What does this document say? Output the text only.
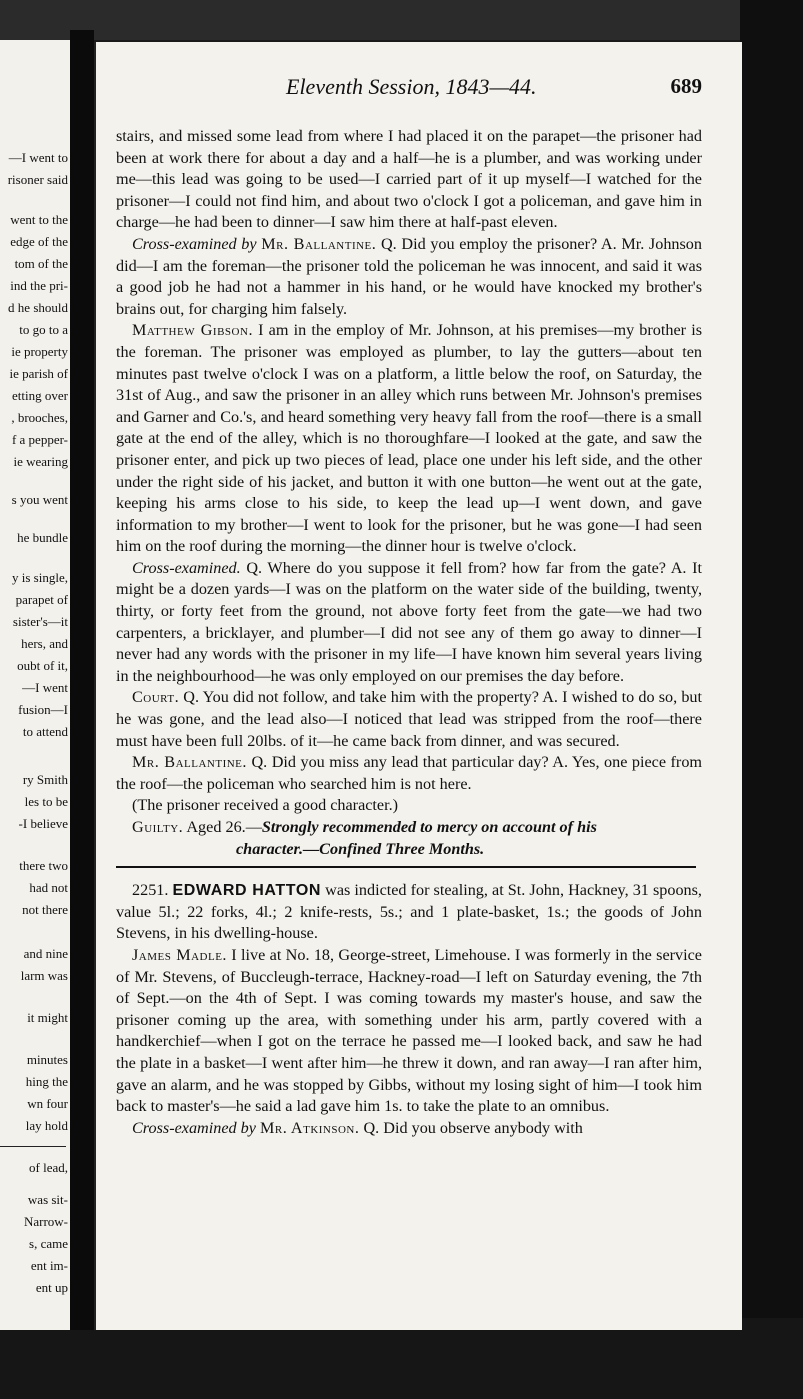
—I went to
risoner said
went to the
edge of the
tom of the
ind the pri-
d he should
to go to a
ie property
ie parish of
etting over
, brooches,
f a pepper-
ie wearing
s you went
he bundle
y is single,
parapet of
sister's—it
hers, and
oubt of it,
—I went
fusion—I
to attend
ry Smith
les to be
-I believe
there two
had not
not there
and nine
larm was
it might
minutes
hing the
wn four
lay hold
of lead,
was sit-
Narrow-
s, came
ent im-
ent up
Eleventh Session, 1843—44.	689

stairs, and missed some lead from where I had placed it on the parapet—the prisoner had been at work there for about a day and a half—he is a plumber, and was working under me—this lead was going to be used—I carried part of it up myself—I watched for the prisoner—I could not find him, and about two o'clock I got a policeman, and gave him in charge—he had been to dinner—I saw him there at half-past eleven.

Cross-examined by Mr. Ballantine. Q. Did you employ the prisoner? A. Mr. Johnson did—I am the foreman—the prisoner told the policeman he was innocent, and said it was a good job he had not a hammer in his hand, or he would have knocked my brother's brains out, for charging him falsely.

Matthew Gibson. I am in the employ of Mr. Johnson, at his premises—my brother is the foreman. The prisoner was employed as plumber, to lay the gutters—about ten minutes past twelve o'clock I was on a platform, a little below the roof, on Saturday, the 31st of Aug., and saw the prisoner in an alley which runs between Mr. Johnson's premises and Garner and Co.'s, and heard something very heavy fall from the roof—there is a small gate at the end of the alley, which is no thoroughfare—I looked at the gate, and saw the prisoner enter, and pick up two pieces of lead, place one under his left side, and the other under the right side of his jacket, and button it with one button—he went out at the gate, keeping his arms close to his side, to keep the lead up—I went down, and gave information to my brother—I went to look for the prisoner, but he was gone—I had seen him on the roof during the morning—the dinner hour is twelve o'clock.

Cross-examined. Q. Where do you suppose it fell from? how far from the gate? A. It might be a dozen yards—I was on the platform on the water side of the building, twenty, thirty, or forty feet from the ground, not above forty feet from the gate—we had two carpenters, a bricklayer, and plumber—I did not see any of them go away to dinner—I never had any words with the prisoner in my life—I have known him several years living in the neighbourhood—he was only employed on our premises the day before.

Court. Q. You did not follow, and take him with the property? A. I wished to do so, but he was gone, and the lead also—I noticed that lead was stripped from the roof—there must have been full 20lbs. of it—he came back from dinner, and was secured.

Mr. Ballantine. Q. Did you miss any lead that particular day? A. Yes, one piece from the roof—the policeman who searched him is not here.

(The prisoner received a good character.)

Guilty. Aged 26.—Strongly recommended to mercy on account of his

character.—Confined Three Months.

2251. EDWARD HATTON was indicted for stealing, at St. John, Hackney, 31 spoons, value 5l.; 22 forks, 4l.; 2 knife-rests, 5s.; and 1 plate-basket, 1s.; the goods of John Stevens, in his dwelling-house.

James Madle. I live at No. 18, George-street, Limehouse. I was formerly in the service of Mr. Stevens, of Buccleugh-terrace, Hackney-road—I left on Saturday evening, the 7th of Sept.—on the 4th of Sept. I was coming towards my master's house, and saw the prisoner coming up the area, with something under his arm, partly covered with a handkerchief—when I got on the terrace he passed me—I looked back, and saw he had the plate in a basket—I went after him—he threw it down, and ran away—I ran after him, gave an alarm, and he was stopped by Gibbs, without my losing sight of him—I took him back to master's—he said a lad gave him 1s. to take the plate to an omnibus.

Cross-examined by Mr. Atkinson. Q. Did you observe anybody with
